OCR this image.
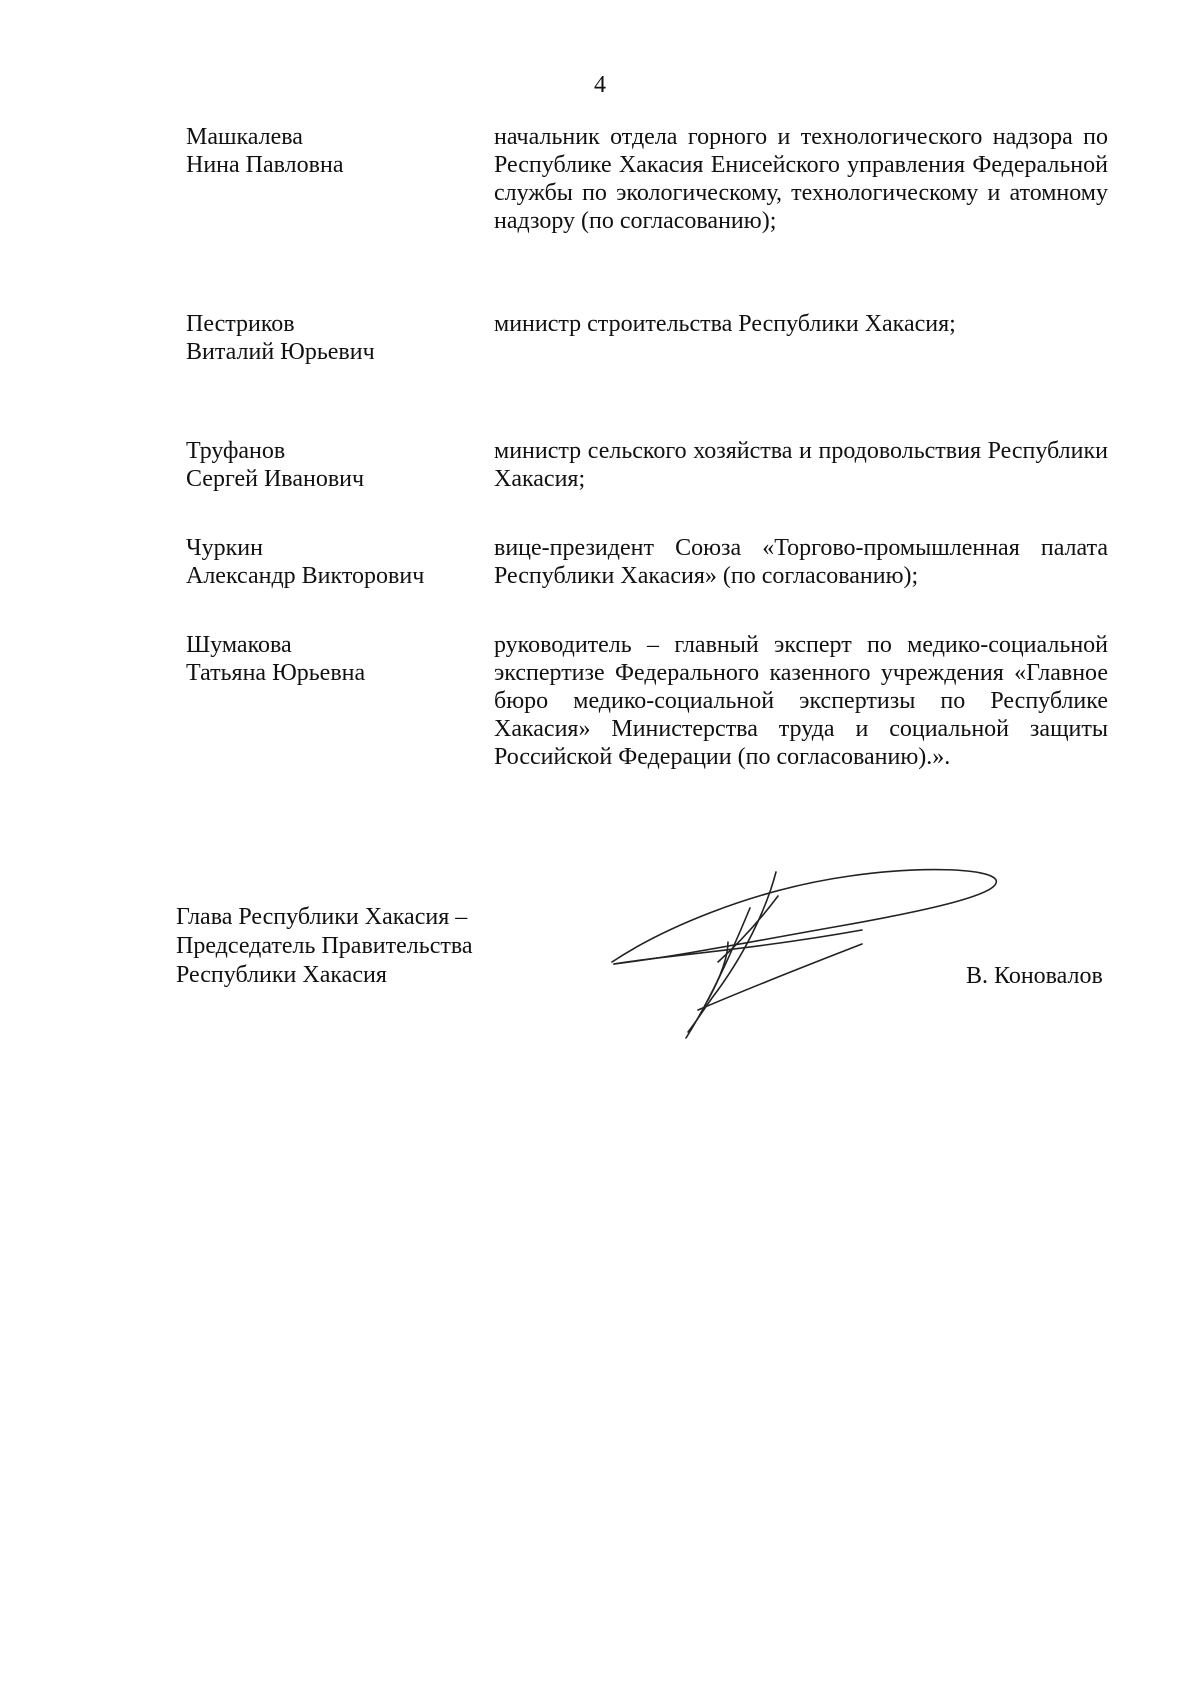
4
Машкалева
Нина Павловна
начальник отдела горного и технологического надзора по Республике Хакасия Енисейского управления Федеральной службы по экологическому, технологическому и атомному надзору (по согласованию);
Пестриков
Виталий Юрьевич
министр строительства Республики Хакасия;
Труфанов
Сергей Иванович
министр сельского хозяйства и продовольствия Республики Хакасия;
Чуркин
Александр Викторович
вице-президент Союза «Торгово-промышленная палата Республики Хакасия» (по согласованию);
Шумакова
Татьяна Юрьевна
руководитель – главный эксперт по медико-социальной экспертизе Федерального казенного учреждения «Главное бюро медико-социальной экспертизы по Республике Хакасия» Министерства труда и социальной защиты Российской Федерации (по согласованию).».
Глава Республики Хакасия –
Председатель Правительства
Республики Хакасия	В. Коновалов
